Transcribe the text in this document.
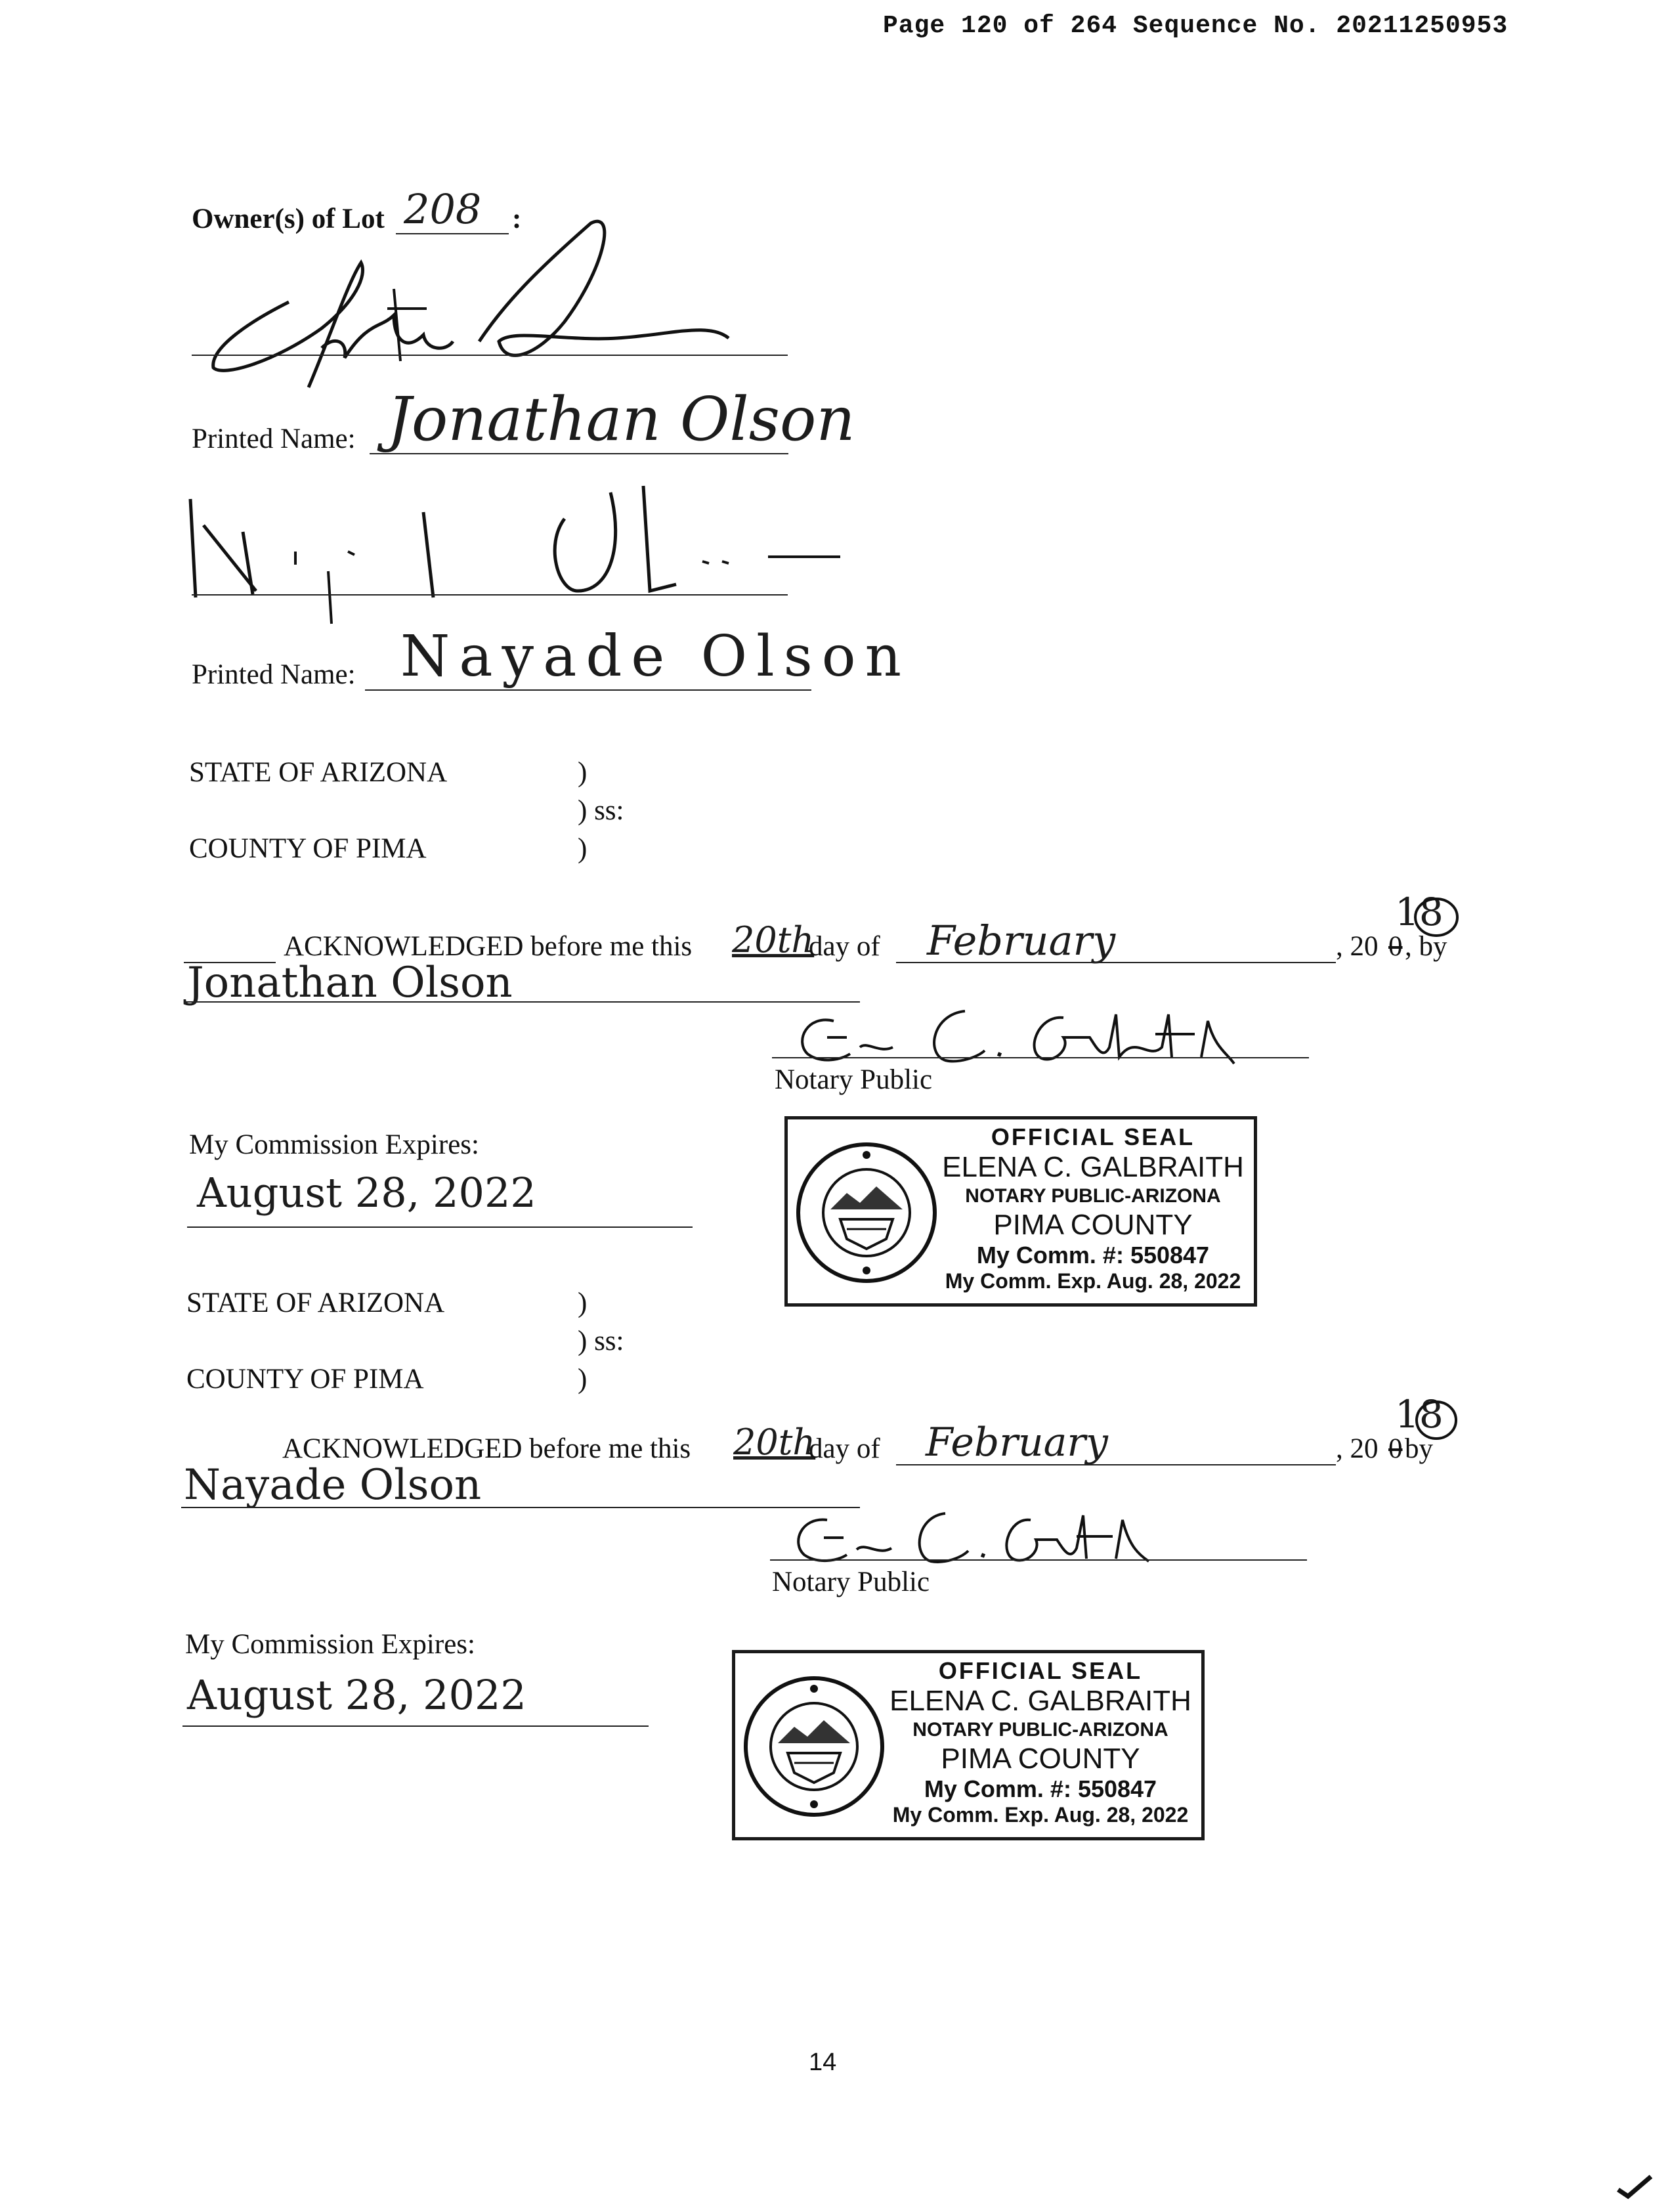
Page 120 of 264 Sequence No. 20211250953
Owner(s) of Lot 208 :
Printed Name: Jonathan Olson
Printed Name: Nayade Olson
STATE OF ARIZONA	)
) ss:
COUNTY OF PIMA	)
18
ACKNOWLEDGED before me this 20th
day of February	, 20 0 , by
Jonathan Olson
Notary Public
My Commission Expires:
August 28, 2022
OFFICIAL SEAL
ELENA C. GALBRAITH
NOTARY PUBLIC-ARIZONA
PIMA COUNTY
My Comm. #: 550847
My Comm. Exp. Aug. 28, 2022
STATE OF ARIZONA	)
) ss:
COUNTY OF PIMA	)
18
ACKNOWLEDGED before me this 20th
day of February	, 20 0 by
Nayade Olson
Notary Public
My Commission Expires:
August 28, 2022
OFFICIAL SEAL
ELENA C. GALBRAITH
NOTARY PUBLIC-ARIZONA
PIMA COUNTY
My Comm. #: 550847
My Comm. Exp. Aug. 28, 2022
14
